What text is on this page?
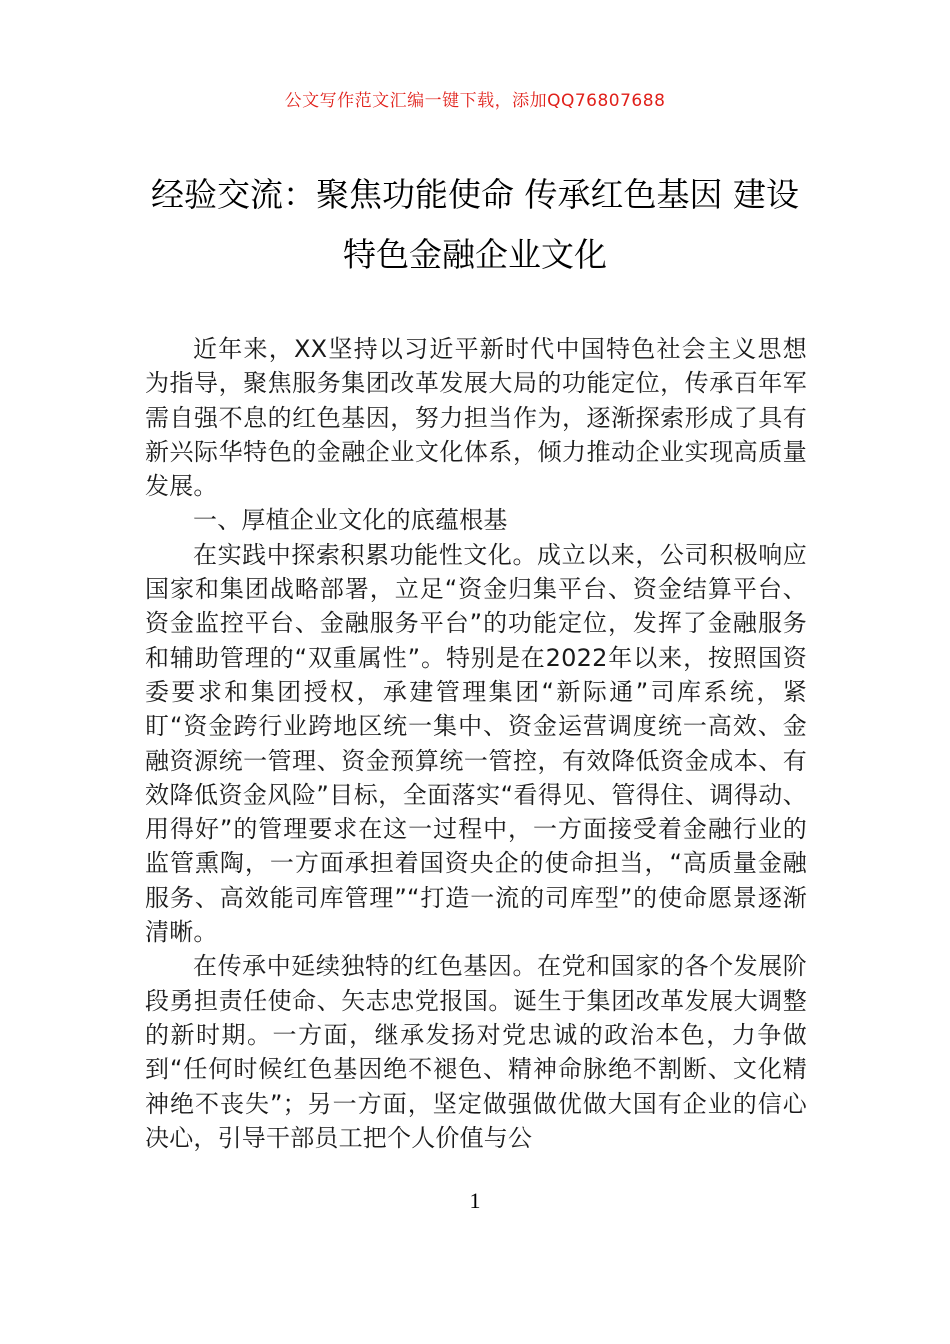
公文写作范文汇编一键下载，添加QQ76807688
经验交流：聚焦功能使命 传承红色基因 建设特色金融企业文化

近年来，XX坚持以习近平新时代中国特色社会主义思想为指导，聚焦服务集团改革发展大局的功能定位，传承百年军需自强不息的红色基因，努力担当作为，逐渐探索形成了具有新兴际华特色的金融企业文化体系，倾力推动企业实现高质量发展。

一、厚植企业文化的底蕴根基

在实践中探索积累功能性文化。成立以来，公司积极响应国家和集团战略部署，立足“资金归集平台、资金结算平台、资金监控平台、金融服务平台”的功能定位，发挥了金融服务和辅助管理的“双重属性”。特别是在2022年以来，按照国资委要求和集团授权，承建管理集团“新际通”司库系统，紧盯“资金跨行业跨地区统一集中、资金运营调度统一高效、金融资源统一管理、资金预算统一管控，有效降低资金成本、有效降低资金风险”目标，全面落实“看得见、管得住、调得动、用得好”的管理要求在这一过程中，一方面接受着金融行业的监管熏陶，一方面承担着国资央企的使命担当，“高质量金融服务、高效能司库管理”“打造一流的司库型”的使命愿景逐渐清晰。

在传承中延续独特的红色基因。在党和国家的各个发展阶段勇担责任使命、矢志忠党报国。诞生于集团改革发展大调整的新时期。一方面，继承发扬对党忠诚的政治本色，力争做到“任何时候红色基因绝不褪色、精神命脉绝不割断、文化精神绝不丧失”；另一方面，坚定做强做优做大国有企业的信心决心，引导干部员工把个人价值与公

1
